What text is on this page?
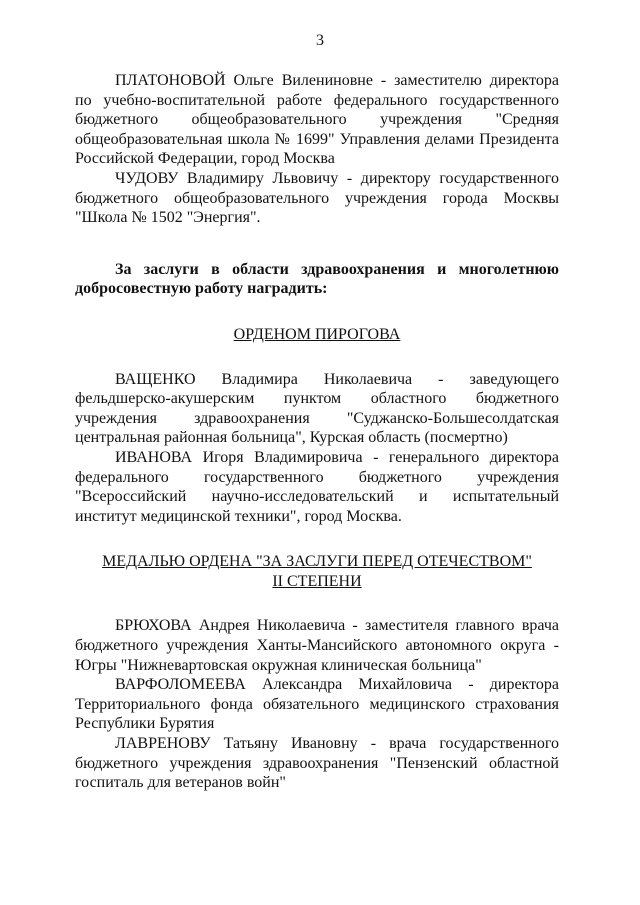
3

ПЛАТОНОВОЙ Ольге Виленинoвне - заместителю директора по учебно-воспитательной работе федерального государственного бюджетного общеобразовательного учреждения "Средняя общеобразовательная школа № 1699" Управления делами Президента Российской Федерации, город Москва

ЧУДОВУ Владимиру Львовичу - директору государственного бюджетного общеобразовательного учреждения города Москвы "Школа № 1502 "Энергия".

За заслуги в области здравоохранения и многолетнюю добросовестную работу наградить:

ОРДЕНОМ ПИРОГОВА

ВАЩЕНКО Владимира Николаевича - заведующего фельдшерско-акушерским пунктом областного бюджетного учреждения здравоохранения "Суджанско-Большесолдатская центральная районная больница", Курская область (посмертно)

ИВАНОВА Игоря Владимировича - генерального директора федерального государственного бюджетного учреждения "Всероссийский научно-исследовательский и испытательный институт медицинской техники", город Москва.

МЕДАЛЬЮ ОРДЕНА "ЗА ЗАСЛУГИ ПЕРЕД ОТЕЧЕСТВОМ"

II СТЕПЕНИ

БРЮХОВА Андрея Николаевича - заместителя главного врача бюджетного учреждения Ханты-Мансийского автономного округа - Югры "Нижневартовская окружная клиническая больница"

ВАРФОЛОМЕЕВА Александра Михайловича - директора Территориального фонда обязательного медицинского страхования Республики Бурятия

ЛАВРЕНОВУ Татьяну Ивановну - врача государственного бюджетного учреждения здравоохранения "Пензенский областной госпиталь для ветеранов войн"
